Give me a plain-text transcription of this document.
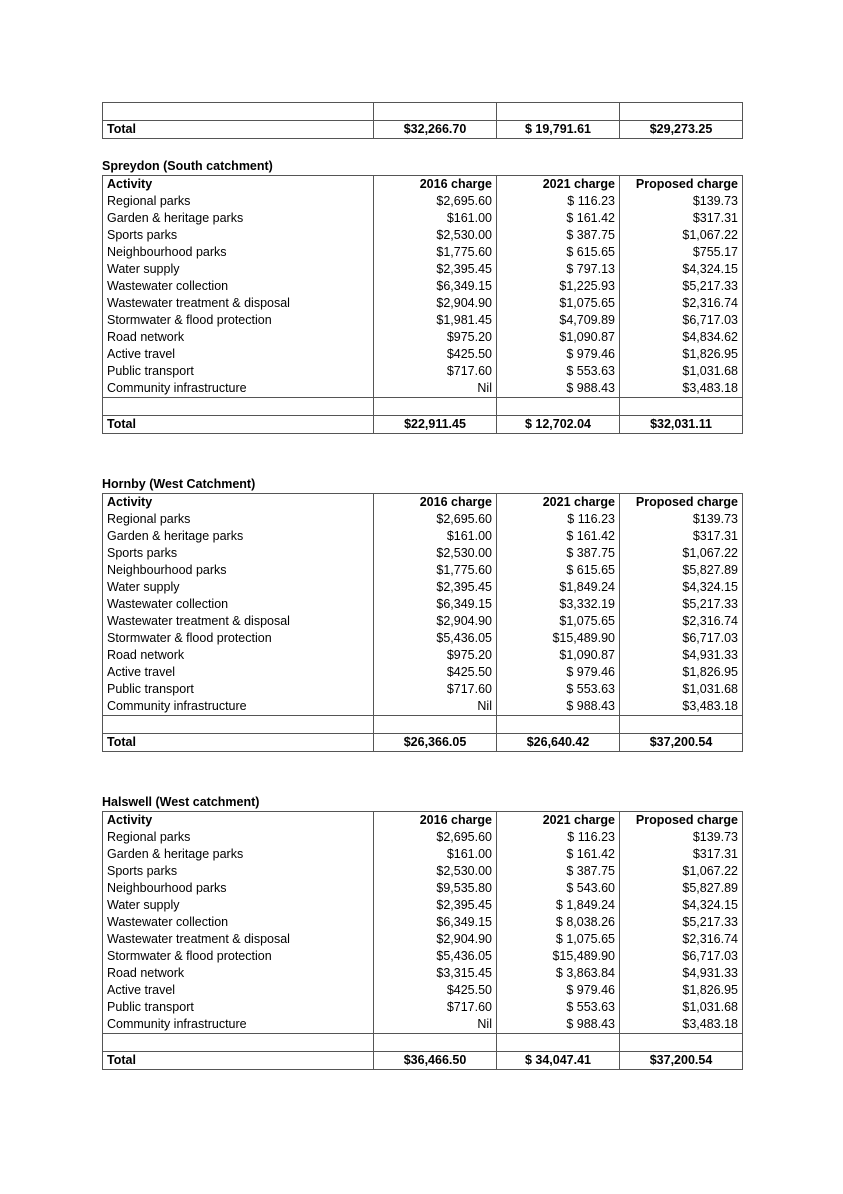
Total	$32,266.70	$ 19,791.61	$29,273.25
Spreydon (South catchment)
Activity	2016 charge	2021 charge	Proposed charge
Regional parks	$2,695.60	$ 116.23	$139.73
Garden & heritage parks	$161.00	$ 161.42	$317.31
Sports parks	$2,530.00	$ 387.75	$1,067.22
Neighbourhood parks	$1,775.60	$ 615.65	$755.17
Water supply	$2,395.45	$ 797.13	$4,324.15
Wastewater collection	$6,349.15	$1,225.93	$5,217.33
Wastewater treatment & disposal	$2,904.90	$1,075.65	$2,316.74
Stormwater & flood protection	$1,981.45	$4,709.89	$6,717.03
Road network	$975.20	$1,090.87	$4,834.62
Active travel	$425.50	$ 979.46	$1,826.95
Public transport	$717.60	$ 553.63	$1,031.68
Community infrastructure	Nil	$ 988.43	$3,483.18

Total	$22,911.45	$ 12,702.04	$32,031.11
Hornby (West Catchment)
Activity	2016 charge	2021 charge	Proposed charge
Regional parks	$2,695.60	$ 116.23	$139.73
Garden & heritage parks	$161.00	$ 161.42	$317.31
Sports parks	$2,530.00	$ 387.75	$1,067.22
Neighbourhood parks	$1,775.60	$ 615.65	$5,827.89
Water supply	$2,395.45	$1,849.24	$4,324.15
Wastewater collection	$6,349.15	$3,332.19	$5,217.33
Wastewater treatment & disposal	$2,904.90	$1,075.65	$2,316.74
Stormwater & flood protection	$5,436.05	$15,489.90	$6,717.03
Road network	$975.20	$1,090.87	$4,931.33
Active travel	$425.50	$ 979.46	$1,826.95
Public transport	$717.60	$ 553.63	$1,031.68
Community infrastructure	Nil	$ 988.43	$3,483.18

Total	$26,366.05	$26,640.42	$37,200.54
Halswell (West catchment)
Activity	2016 charge	2021 charge	Proposed charge
Regional parks	$2,695.60	$ 116.23	$139.73
Garden & heritage parks	$161.00	$ 161.42	$317.31
Sports parks	$2,530.00	$ 387.75	$1,067.22
Neighbourhood parks	$9,535.80	$ 543.60	$5,827.89
Water supply	$2,395.45	$ 1,849.24	$4,324.15
Wastewater collection	$6,349.15	$ 8,038.26	$5,217.33
Wastewater treatment & disposal	$2,904.90	$ 1,075.65	$2,316.74
Stormwater & flood protection	$5,436.05	$15,489.90	$6,717.03
Road network	$3,315.45	$ 3,863.84	$4,931.33
Active travel	$425.50	$ 979.46	$1,826.95
Public transport	$717.60	$ 553.63	$1,031.68
Community infrastructure	Nil	$ 988.43	$3,483.18

Total	$36,466.50	$ 34,047.41	$37,200.54
